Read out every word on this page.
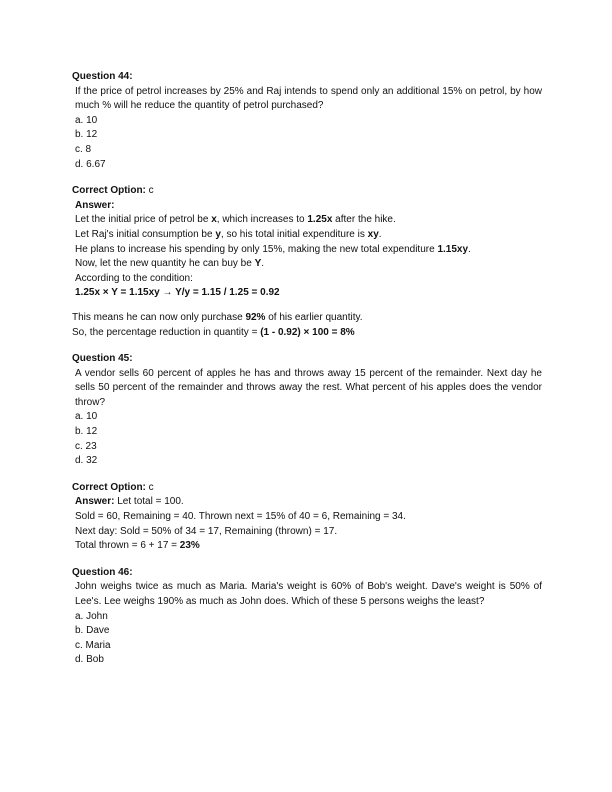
Question 44:

If the price of petrol increases by 25% and Raj intends to spend only an additional 15% on petrol, by how much % will he reduce the quantity of petrol purchased?

a. 10
b. 12
c. 8
d. 6.67

Correct Option: c

Answer:

Let the initial price of petrol be x, which increases to 1.25x after the hike.

Let Raj's initial consumption be y, so his total initial expenditure is xy.

He plans to increase his spending by only 15%, making the new total expenditure 1.15xy.

Now, let the new quantity he can buy be Y.

According to the condition:

1.25x × Y = 1.15xy → Y/y = 1.15 / 1.25 = 0.92

This means he can now only purchase 92% of his earlier quantity.

So, the percentage reduction in quantity = (1 - 0.92) × 100 = 8%

Question 45:

A vendor sells 60 percent of apples he has and throws away 15 percent of the remainder. Next day he sells 50 percent of the remainder and throws away the rest. What percent of his apples does the vendor throw?

a. 10
b. 12
c. 23
d. 32

Correct Option: c

Answer: Let total = 100.

Sold = 60, Remaining = 40. Thrown next = 15% of 40 = 6, Remaining = 34.

Next day: Sold = 50% of 34 = 17, Remaining (thrown) = 17.

Total thrown = 6 + 17 = 23%

Question 46:

John weighs twice as much as Maria. Maria's weight is 60% of Bob's weight. Dave's weight is 50% of Lee's. Lee weighs 190% as much as John does. Which of these 5 persons weighs the least?

a. John
b. Dave
c. Maria
d. Bob
